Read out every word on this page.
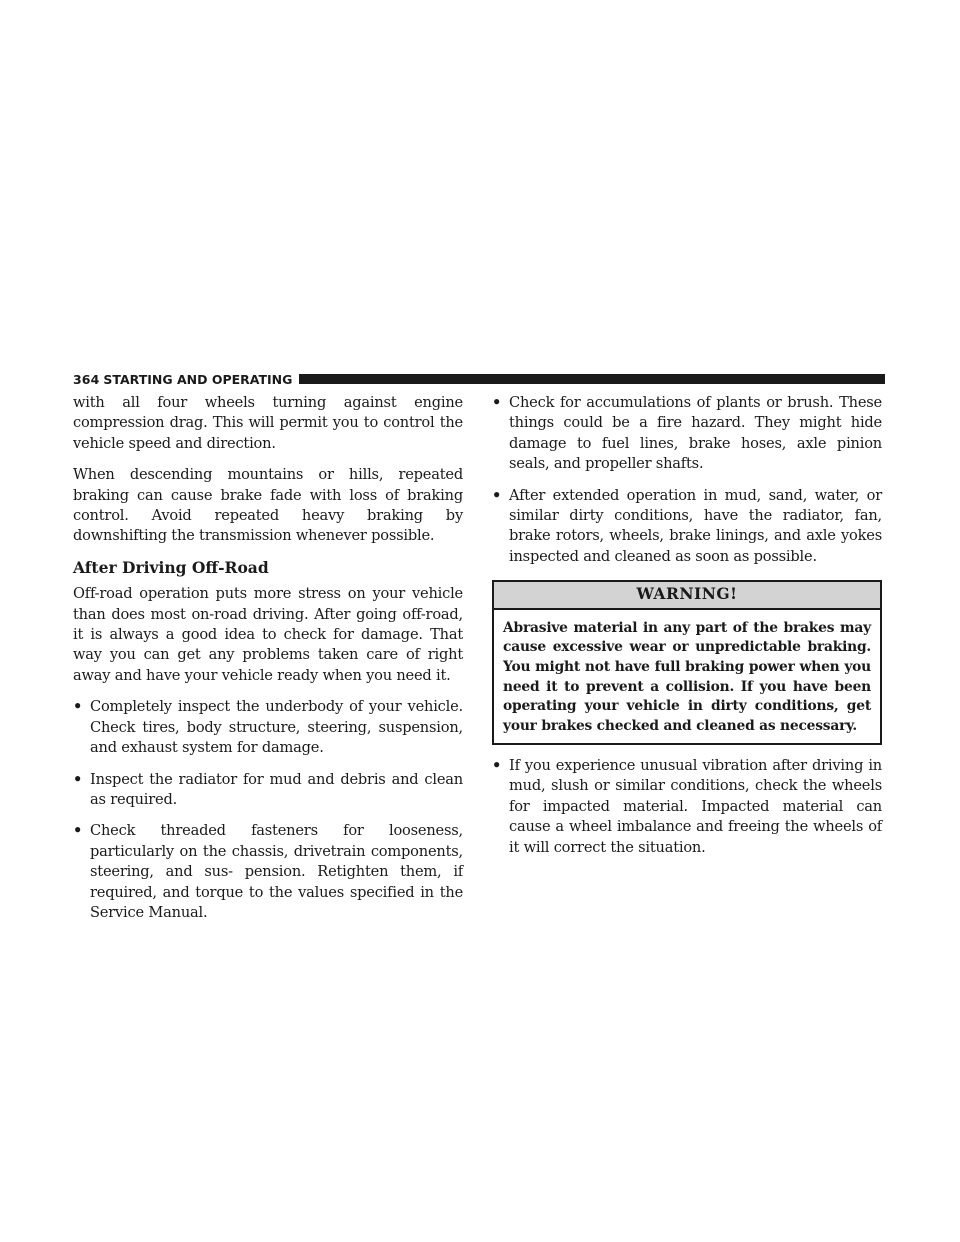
364 STARTING AND OPERATING

with all four wheels turning against engine compression drag. This will permit you to control the vehicle speed and direction.

When descending mountains or hills, repeated braking can cause brake fade with loss of braking control. Avoid repeated heavy braking by downshifting the transmission whenever possible.

After Driving Off-Road

Off-road operation puts more stress on your vehicle than does most on-road driving. After going off-road, it is always a good idea to check for damage. That way you can get any problems taken care of right away and have your vehicle ready when you need it.

• Completely inspect the underbody of your vehicle. Check tires, body structure, steering, suspension, and exhaust system for damage.
• Inspect the radiator for mud and debris and clean as required.
• Check threaded fasteners for looseness, particularly on the chassis, drivetrain components, steering, and sus- pension. Retighten them, if required, and torque to the values specified in the Service Manual.
• Check for accumulations of plants or brush. These things could be a fire hazard. They might hide damage to fuel lines, brake hoses, axle pinion seals, and propeller shafts.
• After extended operation in mud, sand, water, or similar dirty conditions, have the radiator, fan, brake rotors, wheels, brake linings, and axle yokes inspected and cleaned as soon as possible.
WARNING!
Abrasive material in any part of the brakes may cause excessive wear or unpredictable braking. You might not have full braking power when you need it to prevent a collision. If you have been operating your vehicle in dirty conditions, get your brakes checked and cleaned as necessary.
• If you experience unusual vibration after driving in mud, slush or similar conditions, check the wheels for impacted material. Impacted material can cause a wheel imbalance and freeing the wheels of it will correct the situation.
